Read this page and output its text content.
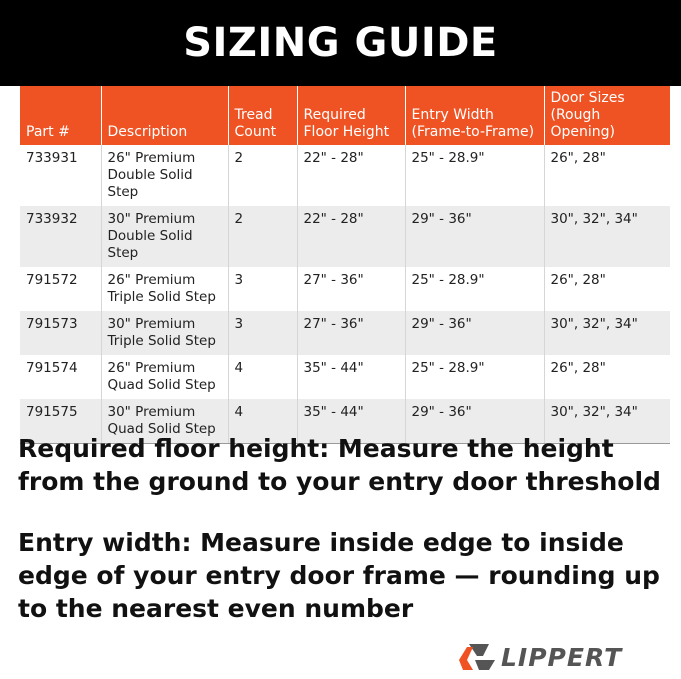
SIZING GUIDE
Part #	Description	Tread Count	Required Floor Height	Entry Width (Frame-to-Frame)	Door Sizes (Rough Opening)
733931	26" Premium Double Solid Step	2	22" - 28"	25" - 28.9"	26", 28"
733932	30" Premium Double Solid Step	2	22" - 28"	29" - 36"	30", 32", 34"
791572	26" Premium Triple Solid Step	3	27" - 36"	25" - 28.9"	26", 28"
791573	30" Premium Triple Solid Step	3	27" - 36"	29" - 36"	30", 32", 34"
791574	26" Premium Quad Solid Step	4	35" - 44"	25" - 28.9"	26", 28"
791575	30" Premium Quad Solid Step	4	35" - 44"	29" - 36"	30", 32", 34"

Required floor height: Measure the height from the ground to your entry door threshold

Entry width: Measure inside edge to inside edge of your entry door frame — rounding up to the nearest even number

LIPPERT
